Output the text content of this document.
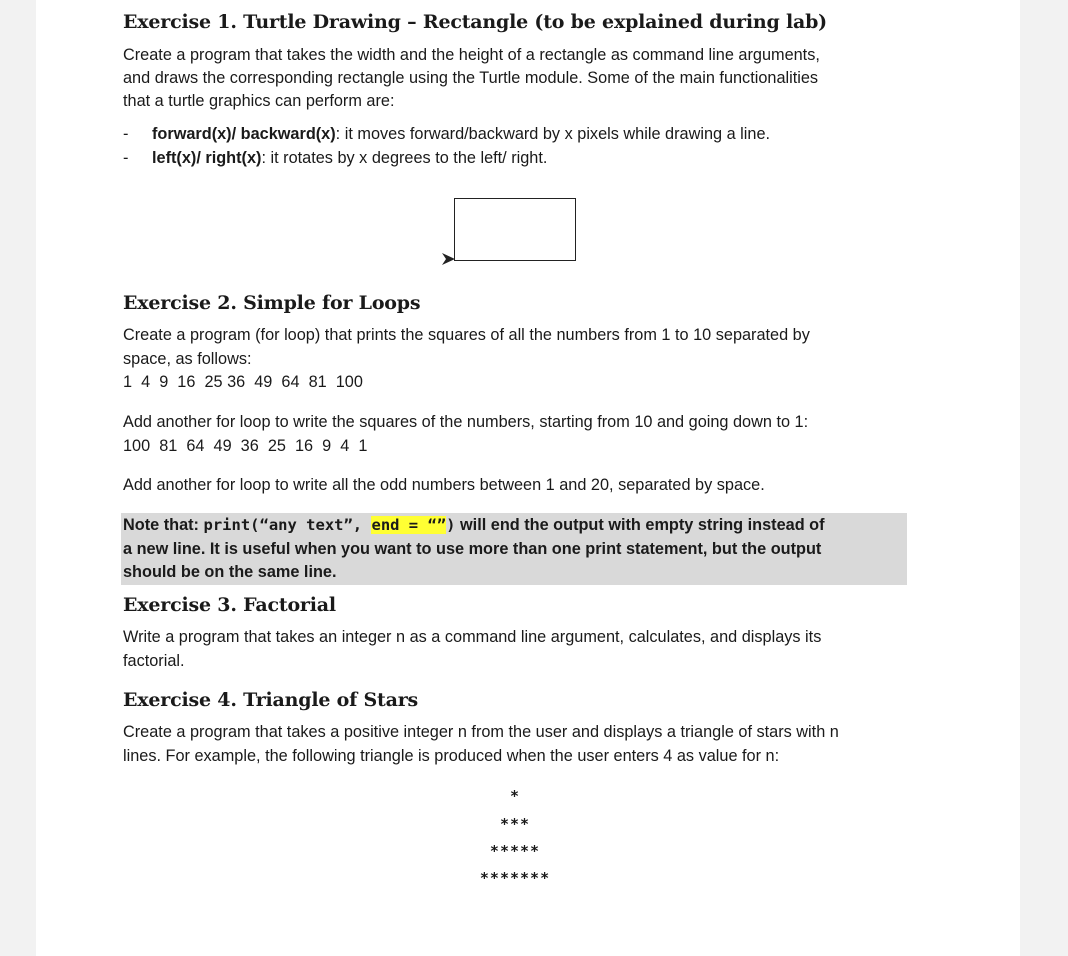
Exercise 1. Turtle Drawing – Rectangle (to be explained during lab)

Create a program that takes the width and the height of a rectangle as command line arguments,

and draws the corresponding rectangle using the Turtle module. Some of the main functionalities

that a turtle graphics can perform are:

- forward(x)/ backward(x): it moves forward/backward by x pixels while drawing a line.
- left(x)/ right(x): it rotates by x degrees to the left/ right.
Exercise 2. Simple for Loops

Create a program (for loop) that prints the squares of all the numbers from 1 to 10 separated by

space, as follows:

1  4  9  16  25 36  49  64  81  100

Add another for loop to write the squares of the numbers, starting from 10 and going down to 1:

100  81  64  49  36  25  16  9  4  1

Add another for loop to write all the odd numbers between 1 and 20, separated by space.

Note that: print(“any text”, end = “”) will end the output with empty string instead of
a new line. It is useful when you want to use more than one print statement, but the output
should be on the same line.
Exercise 3. Factorial

Write a program that takes an integer n as a command line argument, calculates, and displays its

factorial.

Exercise 4. Triangle of Stars

Create a program that takes a positive integer n from the user and displays a triangle of stars with n

lines. For example, the following triangle is produced when the user enters 4 as value for n:

*
***
*****
*******
